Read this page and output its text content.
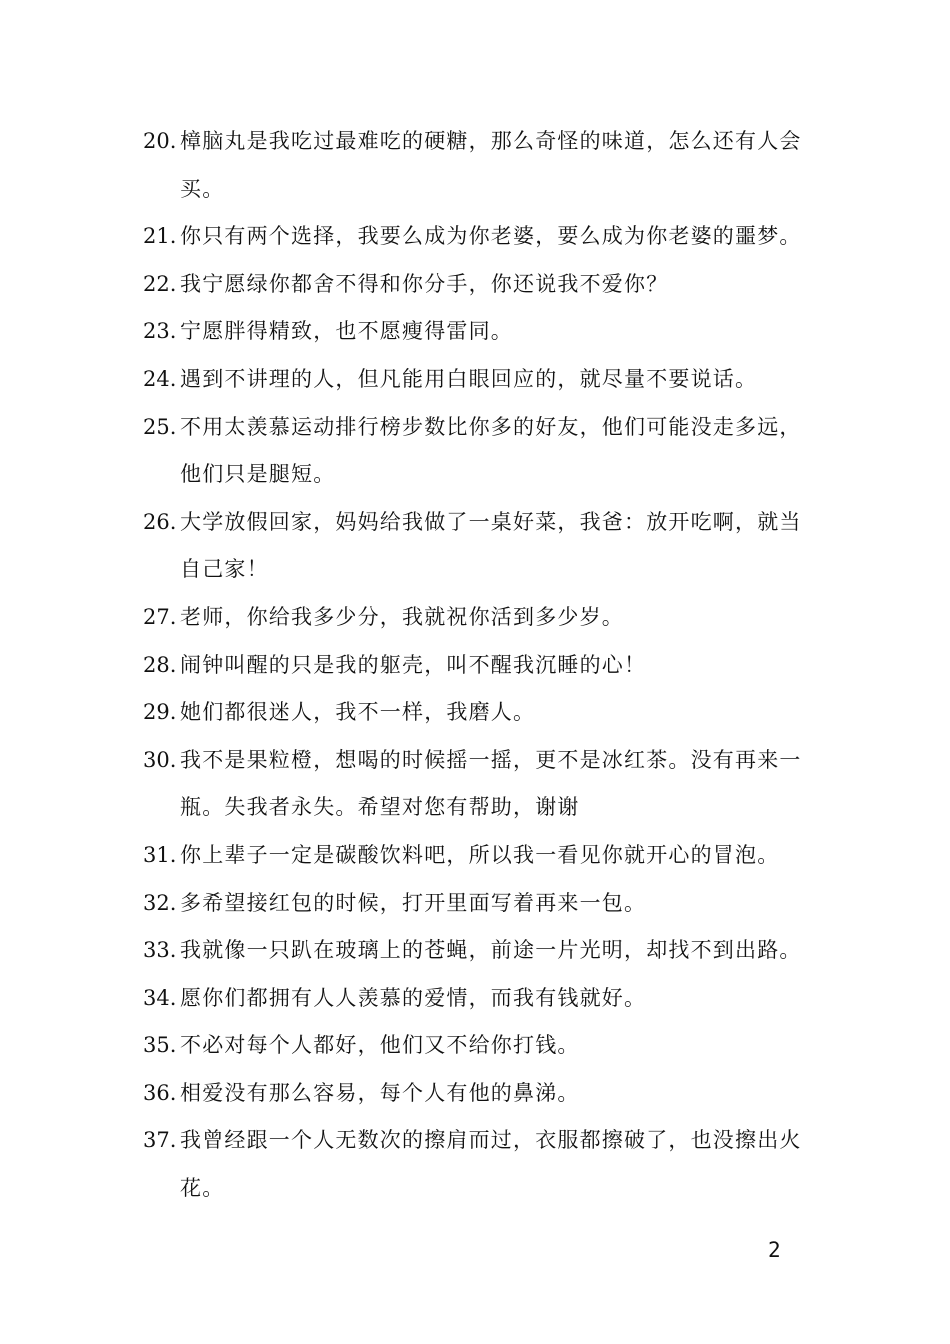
20. 樟脑丸是我吃过最难吃的硬糖，那么奇怪的味道，怎么还有人会买。
21. 你只有两个选择，我要么成为你老婆，要么成为你老婆的噩梦。
22. 我宁愿绿你都舍不得和你分手，你还说我不爱你？
23. 宁愿胖得精致，也不愿瘦得雷同。
24. 遇到不讲理的人，但凡能用白眼回应的，就尽量不要说话。
25. 不用太羡慕运动排行榜步数比你多的好友，他们可能没走多远，他们只是腿短。
26. 大学放假回家，妈妈给我做了一桌好菜，我爸：放开吃啊，就当自己家！
27. 老师，你给我多少分，我就祝你活到多少岁。
28. 闹钟叫醒的只是我的躯壳，叫不醒我沉睡的心！
29. 她们都很迷人，我不一样，我磨人。
30. 我不是果粒橙，想喝的时候摇一摇，更不是冰红茶。没有再来一瓶。失我者永失。希望对您有帮助，谢谢
31. 你上辈子一定是碳酸饮料吧，所以我一看见你就开心的冒泡。
32. 多希望接红包的时候，打开里面写着再来一包。
33. 我就像一只趴在玻璃上的苍蝇，前途一片光明，却找不到出路。
34. 愿你们都拥有人人羡慕的爱情，而我有钱就好。
35. 不必对每个人都好，他们又不给你打钱。
36. 相爱没有那么容易，每个人有他的鼻涕。
37. 我曾经跟一个人无数次的擦肩而过，衣服都擦破了，也没擦出火花。
2
